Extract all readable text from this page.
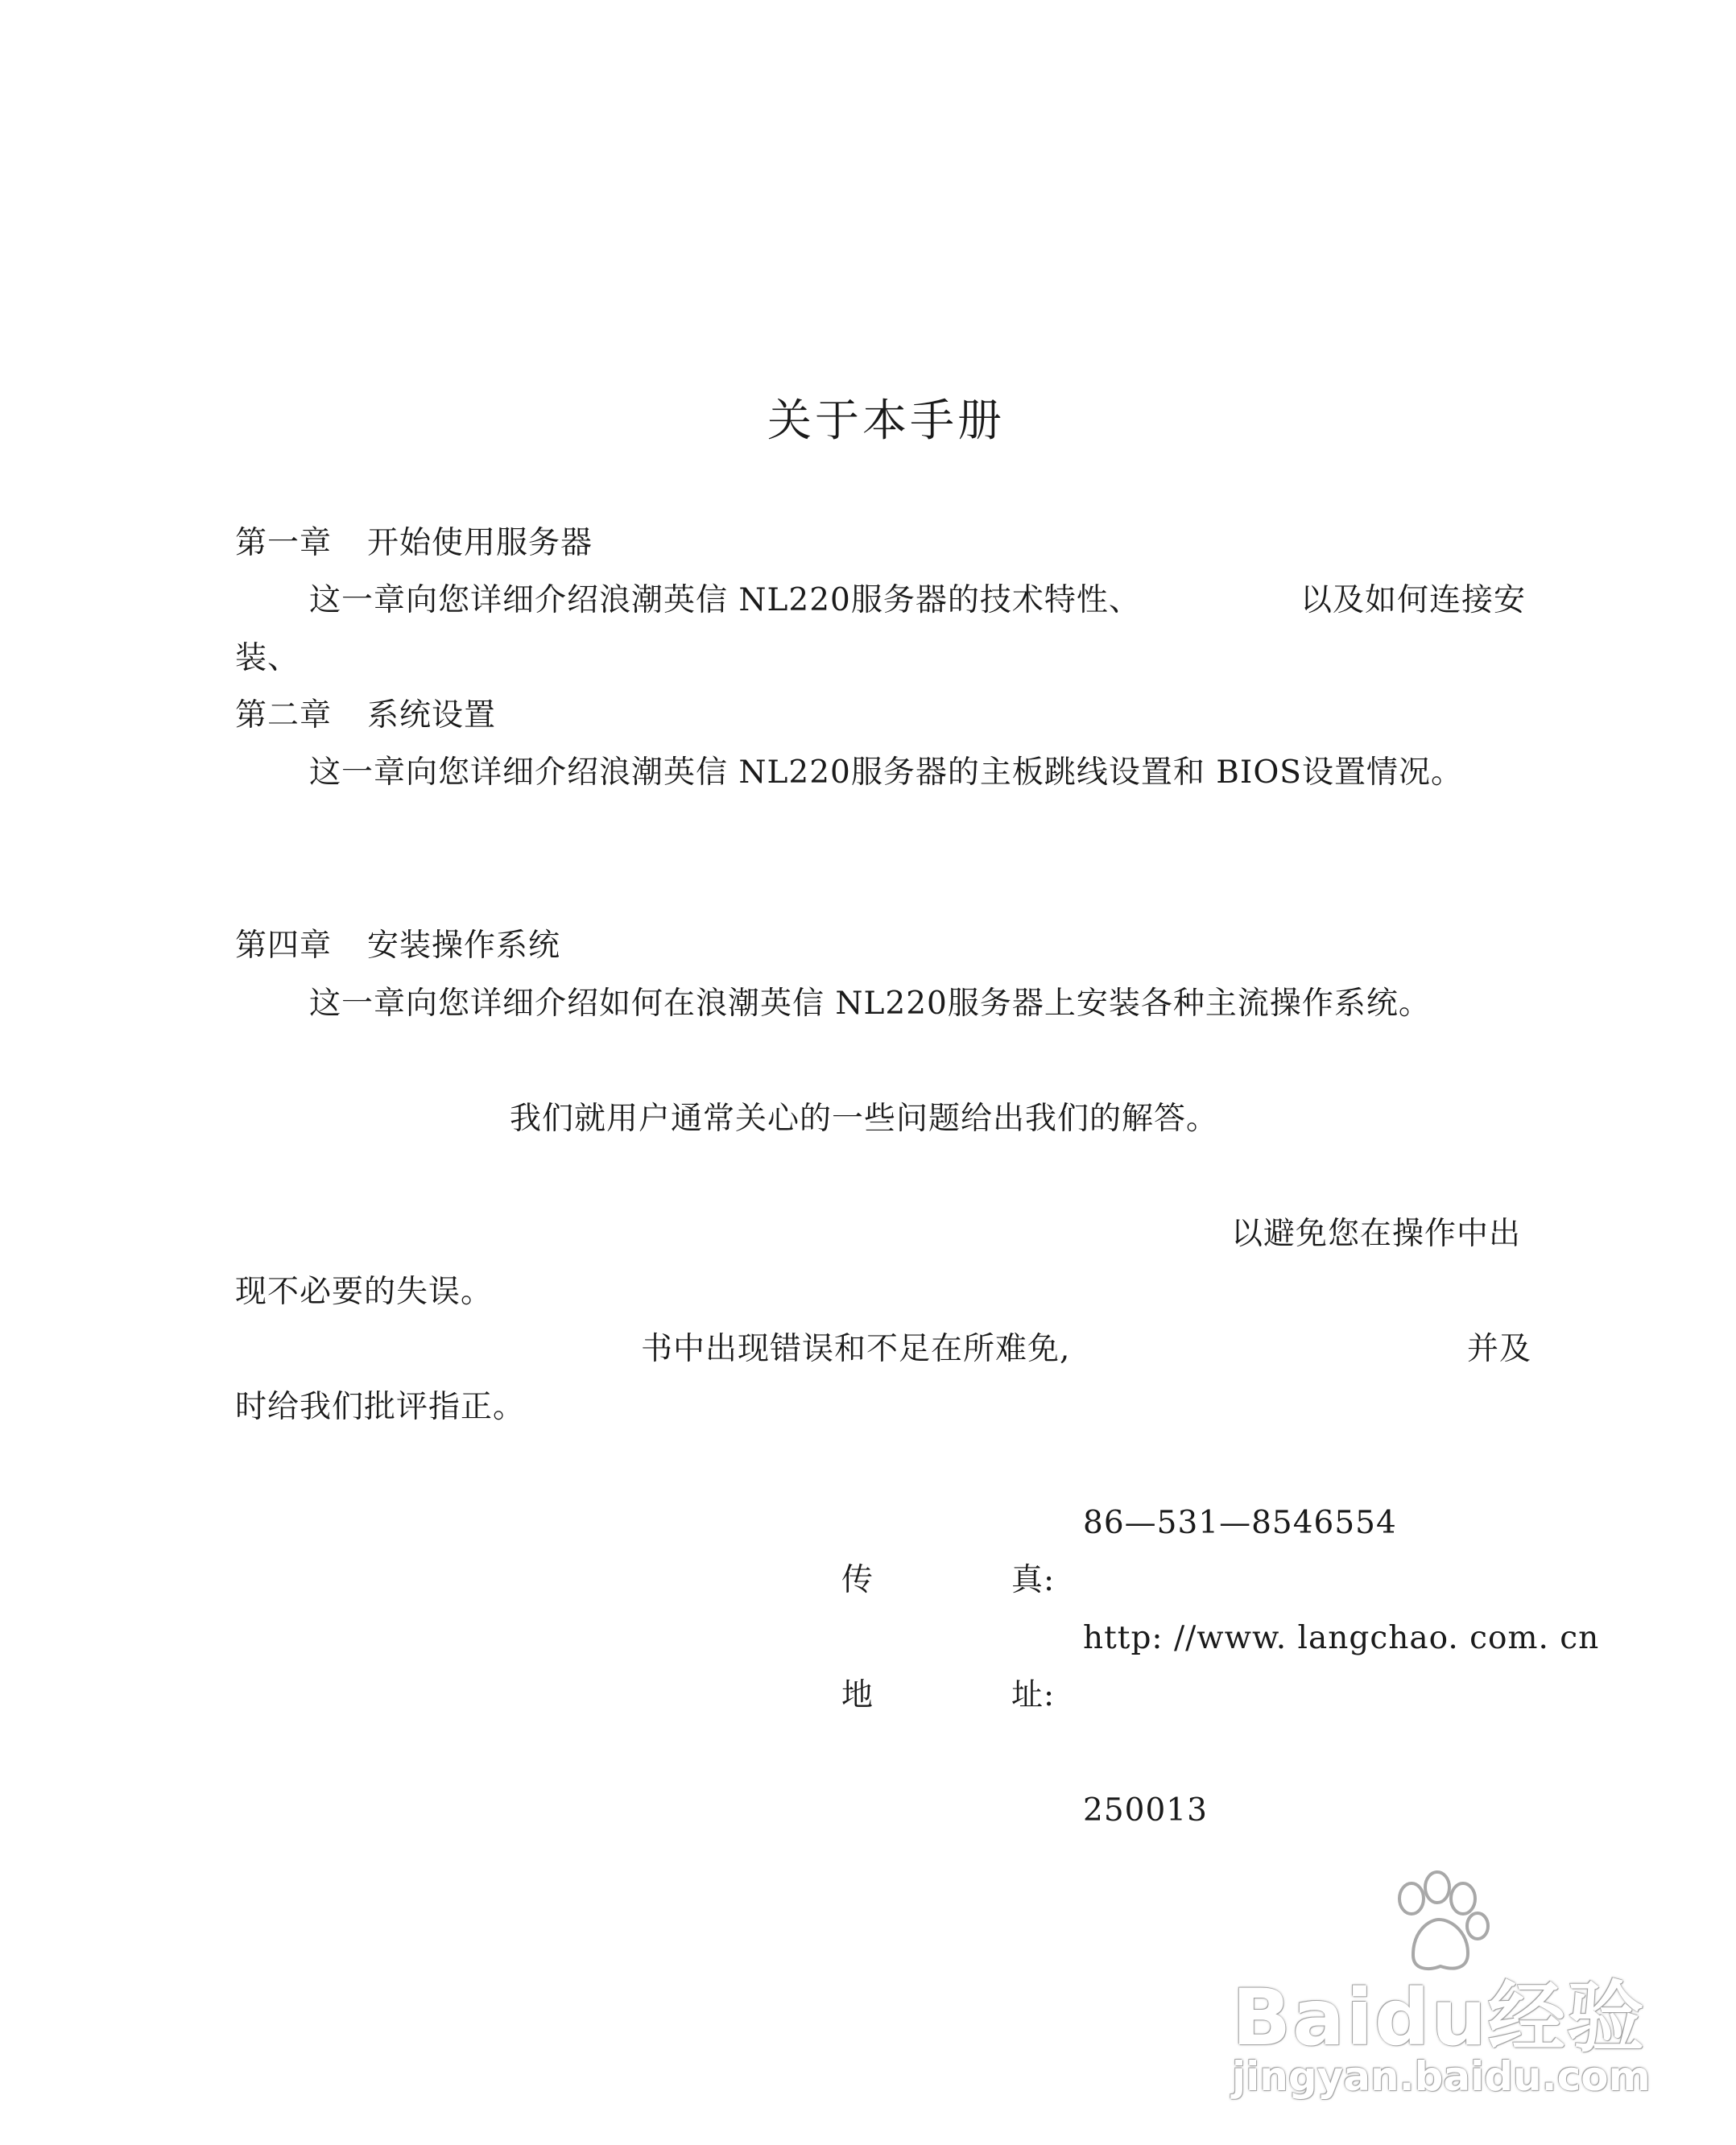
关于本手册
第一章 开始使用服务器
这一章向您详细介绍浪潮英信 NL220服务器的技术特性、	以及如何连接安
装、
第二章 系统设置
这一章向您详细介绍浪潮英信 NL220服务器的主板跳线设置和 BIOS设置情况。
第四章 安装操作系统
这一章向您详细介绍如何在浪潮英信 NL220服务器上安装各种主流操作系统。
我们就用户通常关心的一些问题给出我们的解答。
以避免您在操作中出
现不必要的失误。
书中出现错误和不足在所难免,	并及
时给我们批评指正。
86—531—8546554
传	真:
http: //www. langchao. com. cn
地	址:
250013
Baidu经验
jingyan.baidu.com
